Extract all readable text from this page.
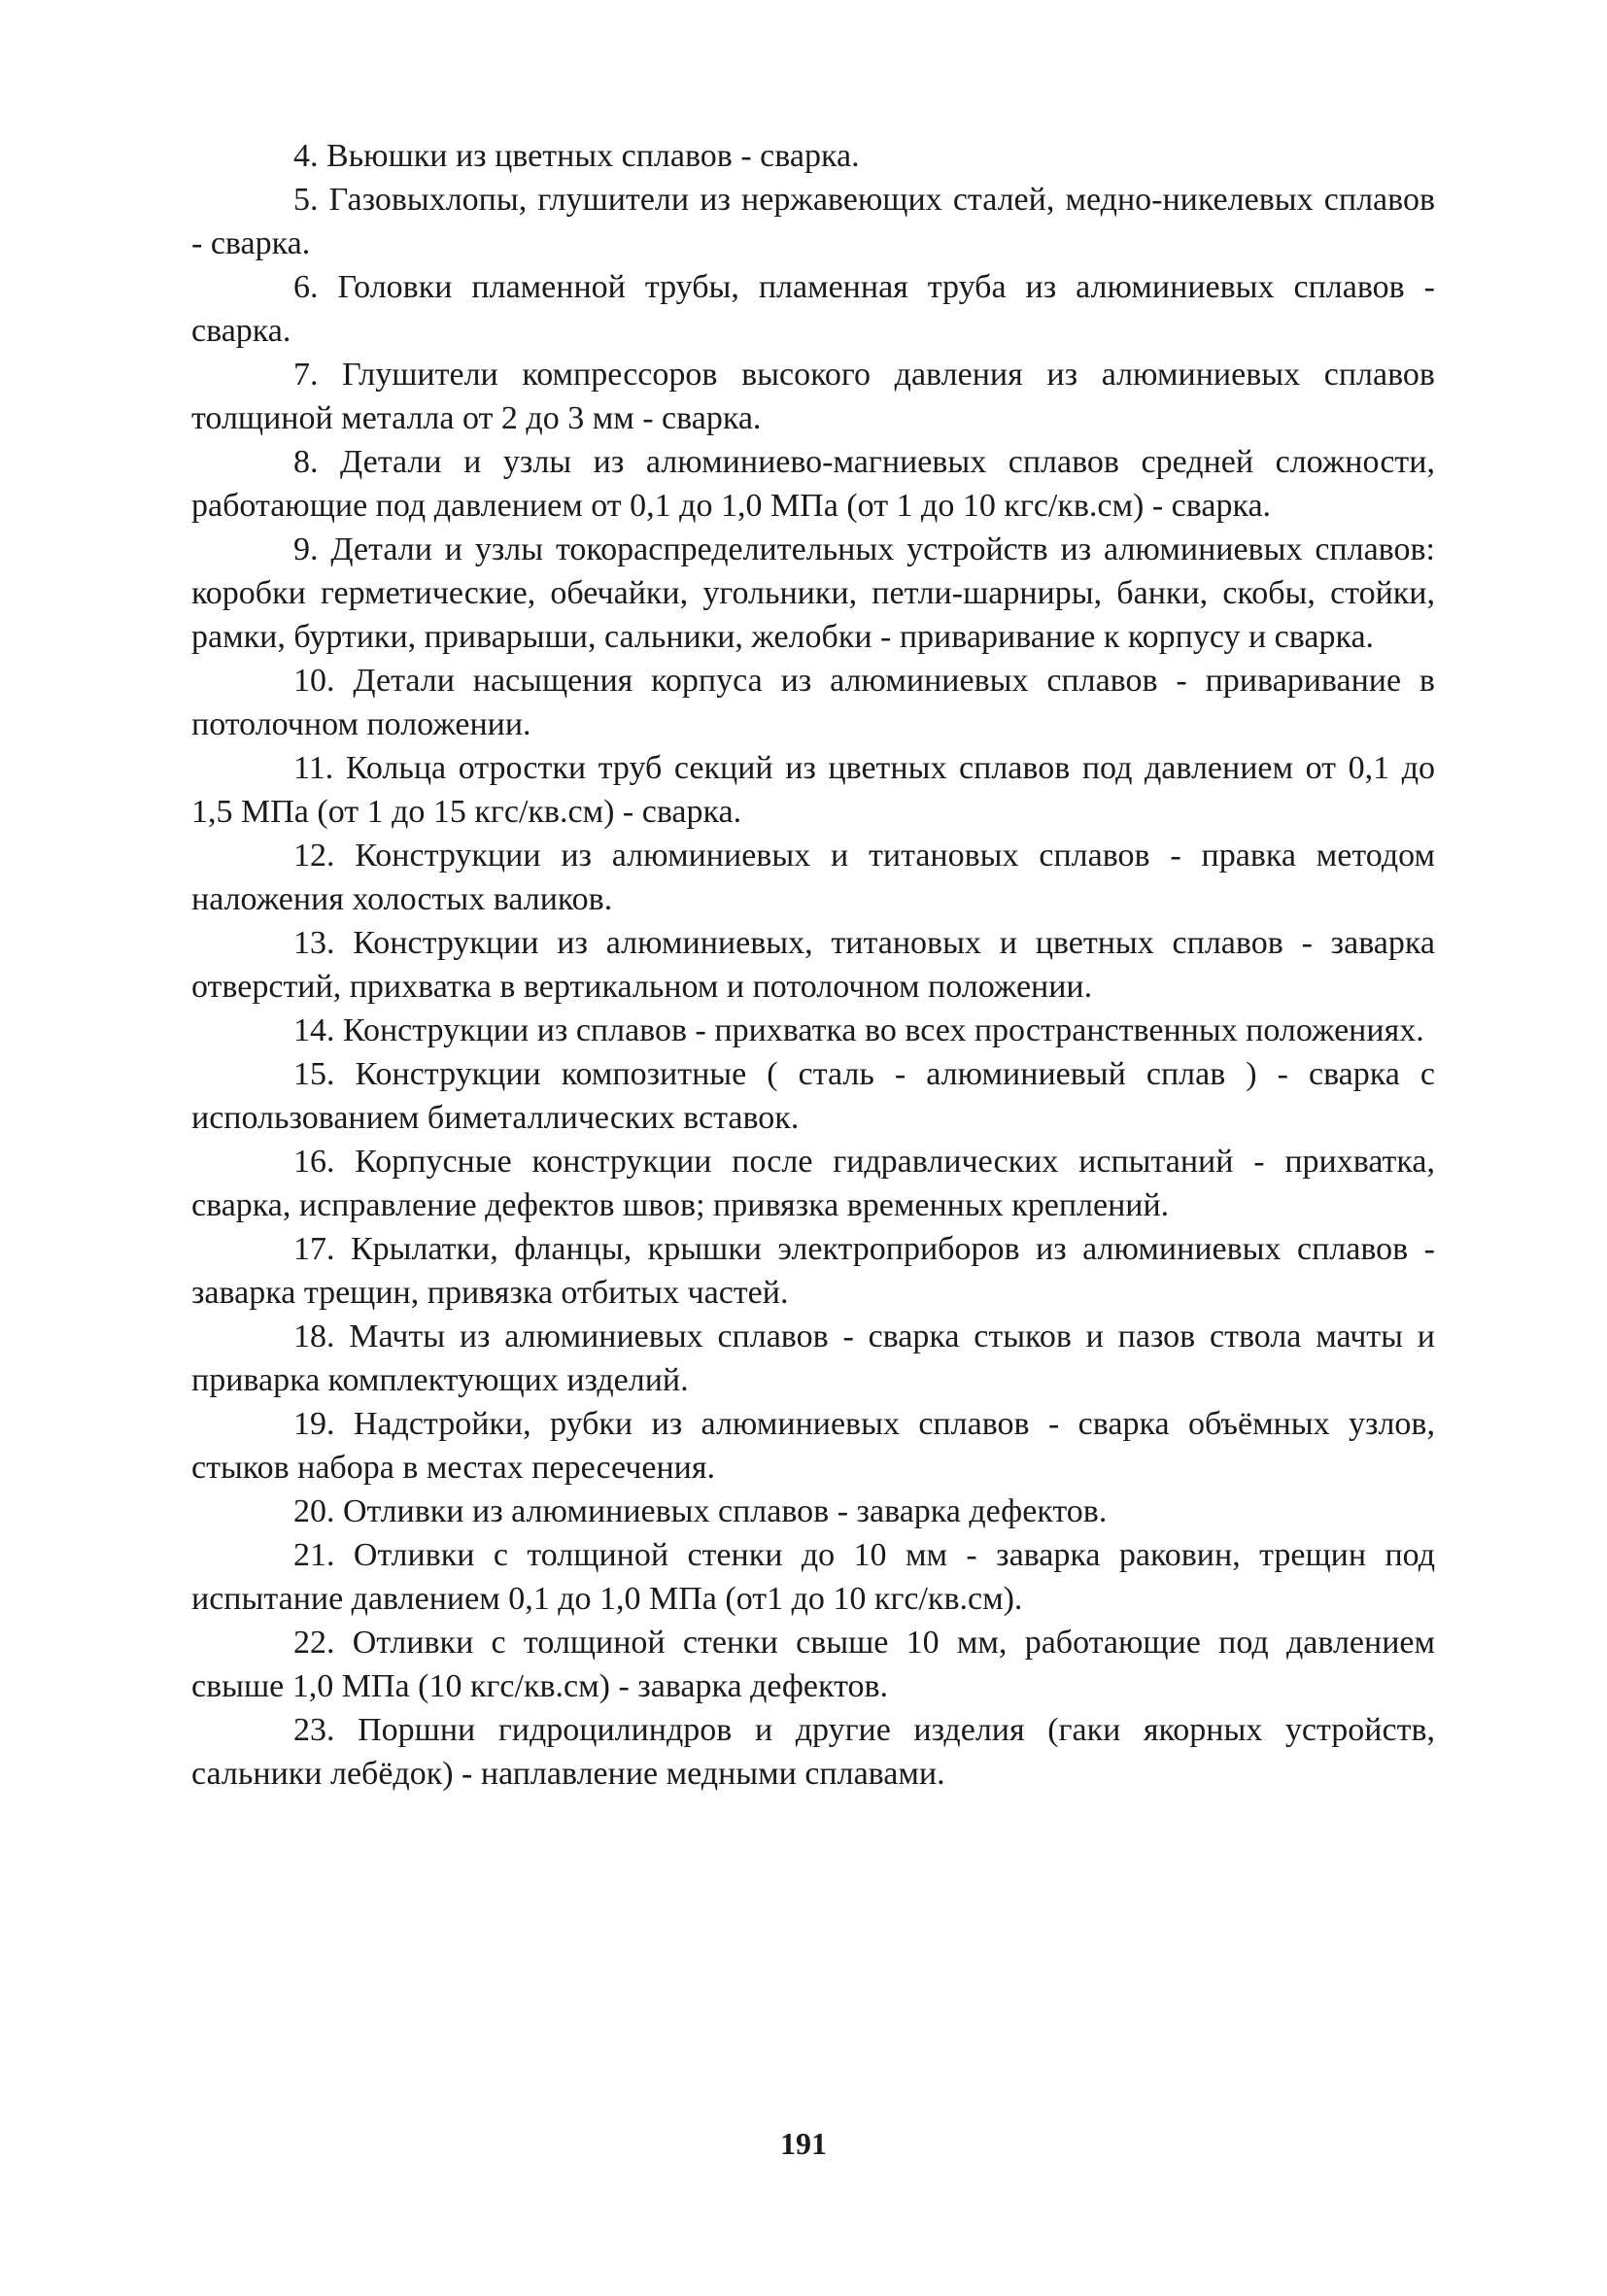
4. Вьюшки из цветных сплавов - сварка.

5. Газовыхлопы, глушители из нержавеющих сталей, медно-никелевых сплавов - сварка.

6. Головки пламенной трубы, пламенная труба из алюминиевых сплавов - сварка.

7. Глушители компрессоров высокого давления из алюминиевых сплавов толщиной металла от 2 до 3 мм - сварка.

8. Детали и узлы из алюминиево-магниевых сплавов средней сложности, работающие под давлением от 0,1 до 1,0 МПа (от 1 до 10 кгс/кв.см) - сварка.

9. Детали и узлы токораспределительных устройств из алюминиевых сплавов: коробки герметические, обечайки, угольники, петли-шарниры, банки, скобы, стойки, рамки, буртики, приварыши, сальники, желобки - приваривание к корпусу и сварка.

10. Детали насыщения корпуса из алюминиевых сплавов - приваривание в потолочном положении.

11. Кольца отростки труб секций из цветных сплавов под давлением от 0,1 до 1,5 МПа (от 1 до 15 кгс/кв.см) - сварка.

12. Конструкции из алюминиевых и титановых сплавов - правка методом наложения холостых валиков.

13. Конструкции из алюминиевых, титановых и цветных сплавов - заварка отверстий, прихватка в вертикальном и потолочном положении.

14. Конструкции из сплавов - прихватка во всех пространственных положениях.

15. Конструкции композитные ( сталь - алюминиевый сплав ) - сварка с использованием биметаллических вставок.

16. Корпусные конструкции после гидравлических испытаний - прихватка, сварка, исправление дефектов швов; привязка временных креплений.

17. Крылатки, фланцы, крышки электроприборов из алюминиевых сплавов - заварка трещин, привязка отбитых частей.

18. Мачты из алюминиевых сплавов - сварка стыков и пазов ствола мачты и приварка комплектующих изделий.

19. Надстройки, рубки из алюминиевых сплавов - сварка объёмных узлов, стыков набора в местах пересечения.

20. Отливки из алюминиевых сплавов - заварка дефектов.

21. Отливки с толщиной стенки до 10 мм - заварка раковин, трещин под испытание давлением 0,1 до 1,0 МПа (от1 до 10 кгс/кв.см).

22. Отливки с толщиной стенки свыше 10 мм, работающие под давлением свыше 1,0 МПа (10 кгс/кв.см) - заварка дефектов.

23. Поршни гидроцилиндров и другие изделия (гаки якорных устройств, сальники лебёдок) - наплавление медными сплавами.

191
